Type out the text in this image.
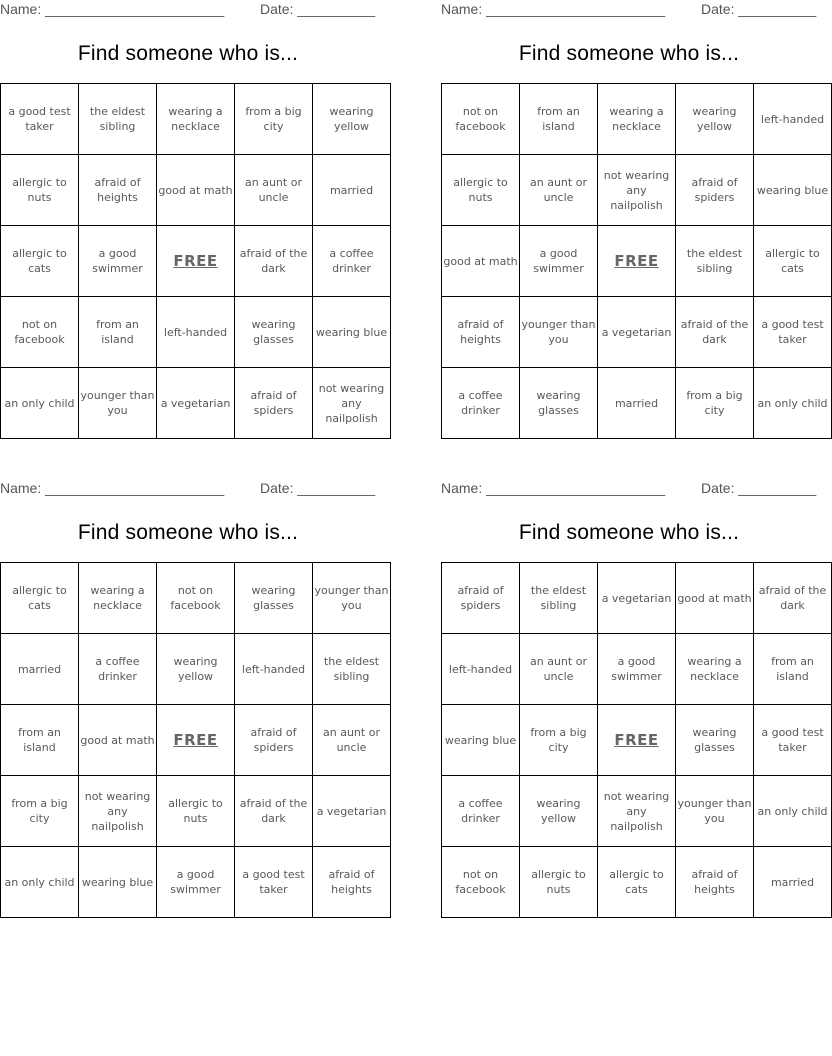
Name: _______________________	Date: __________
Find someone who is...
a good test taker	the eldest sibling	wearing a necklace	from a big city	wearing yellow
allergic to nuts	afraid of heights	good at math	an aunt or uncle	married
allergic to cats	a good swimmer	FREE	afraid of the dark	a coffee drinker
not on facebook	from an island	left-handed	wearing glasses	wearing blue
an only child	younger than you	a vegetarian	afraid of spiders	not wearing any nailpolish
Name: _______________________	Date: __________
Find someone who is...
not on facebook	from an island	wearing a necklace	wearing yellow	left-handed
allergic to nuts	an aunt or uncle	not wearing any nailpolish	afraid of spiders	wearing blue
good at math	a good swimmer	FREE	the eldest sibling	allergic to cats
afraid of heights	younger than you	a vegetarian	afraid of the dark	a good test taker
a coffee drinker	wearing glasses	married	from a big city	an only child
Name: _______________________	Date: __________
Find someone who is...
allergic to cats	wearing a necklace	not on facebook	wearing glasses	younger than you
married	a coffee drinker	wearing yellow	left-handed	the eldest sibling
from an island	good at math	FREE	afraid of spiders	an aunt or uncle
from a big city	not wearing any nailpolish	allergic to nuts	afraid of the dark	a vegetarian
an only child	wearing blue	a good swimmer	a good test taker	afraid of heights
Name: _______________________	Date: __________
Find someone who is...
afraid of spiders	the eldest sibling	a vegetarian	good at math	afraid of the dark
left-handed	an aunt or uncle	a good swimmer	wearing a necklace	from an island
wearing blue	from a big city	FREE	wearing glasses	a good test taker
a coffee drinker	wearing yellow	not wearing any nailpolish	younger than you	an only child
not on facebook	allergic to nuts	allergic to cats	afraid of heights	married
